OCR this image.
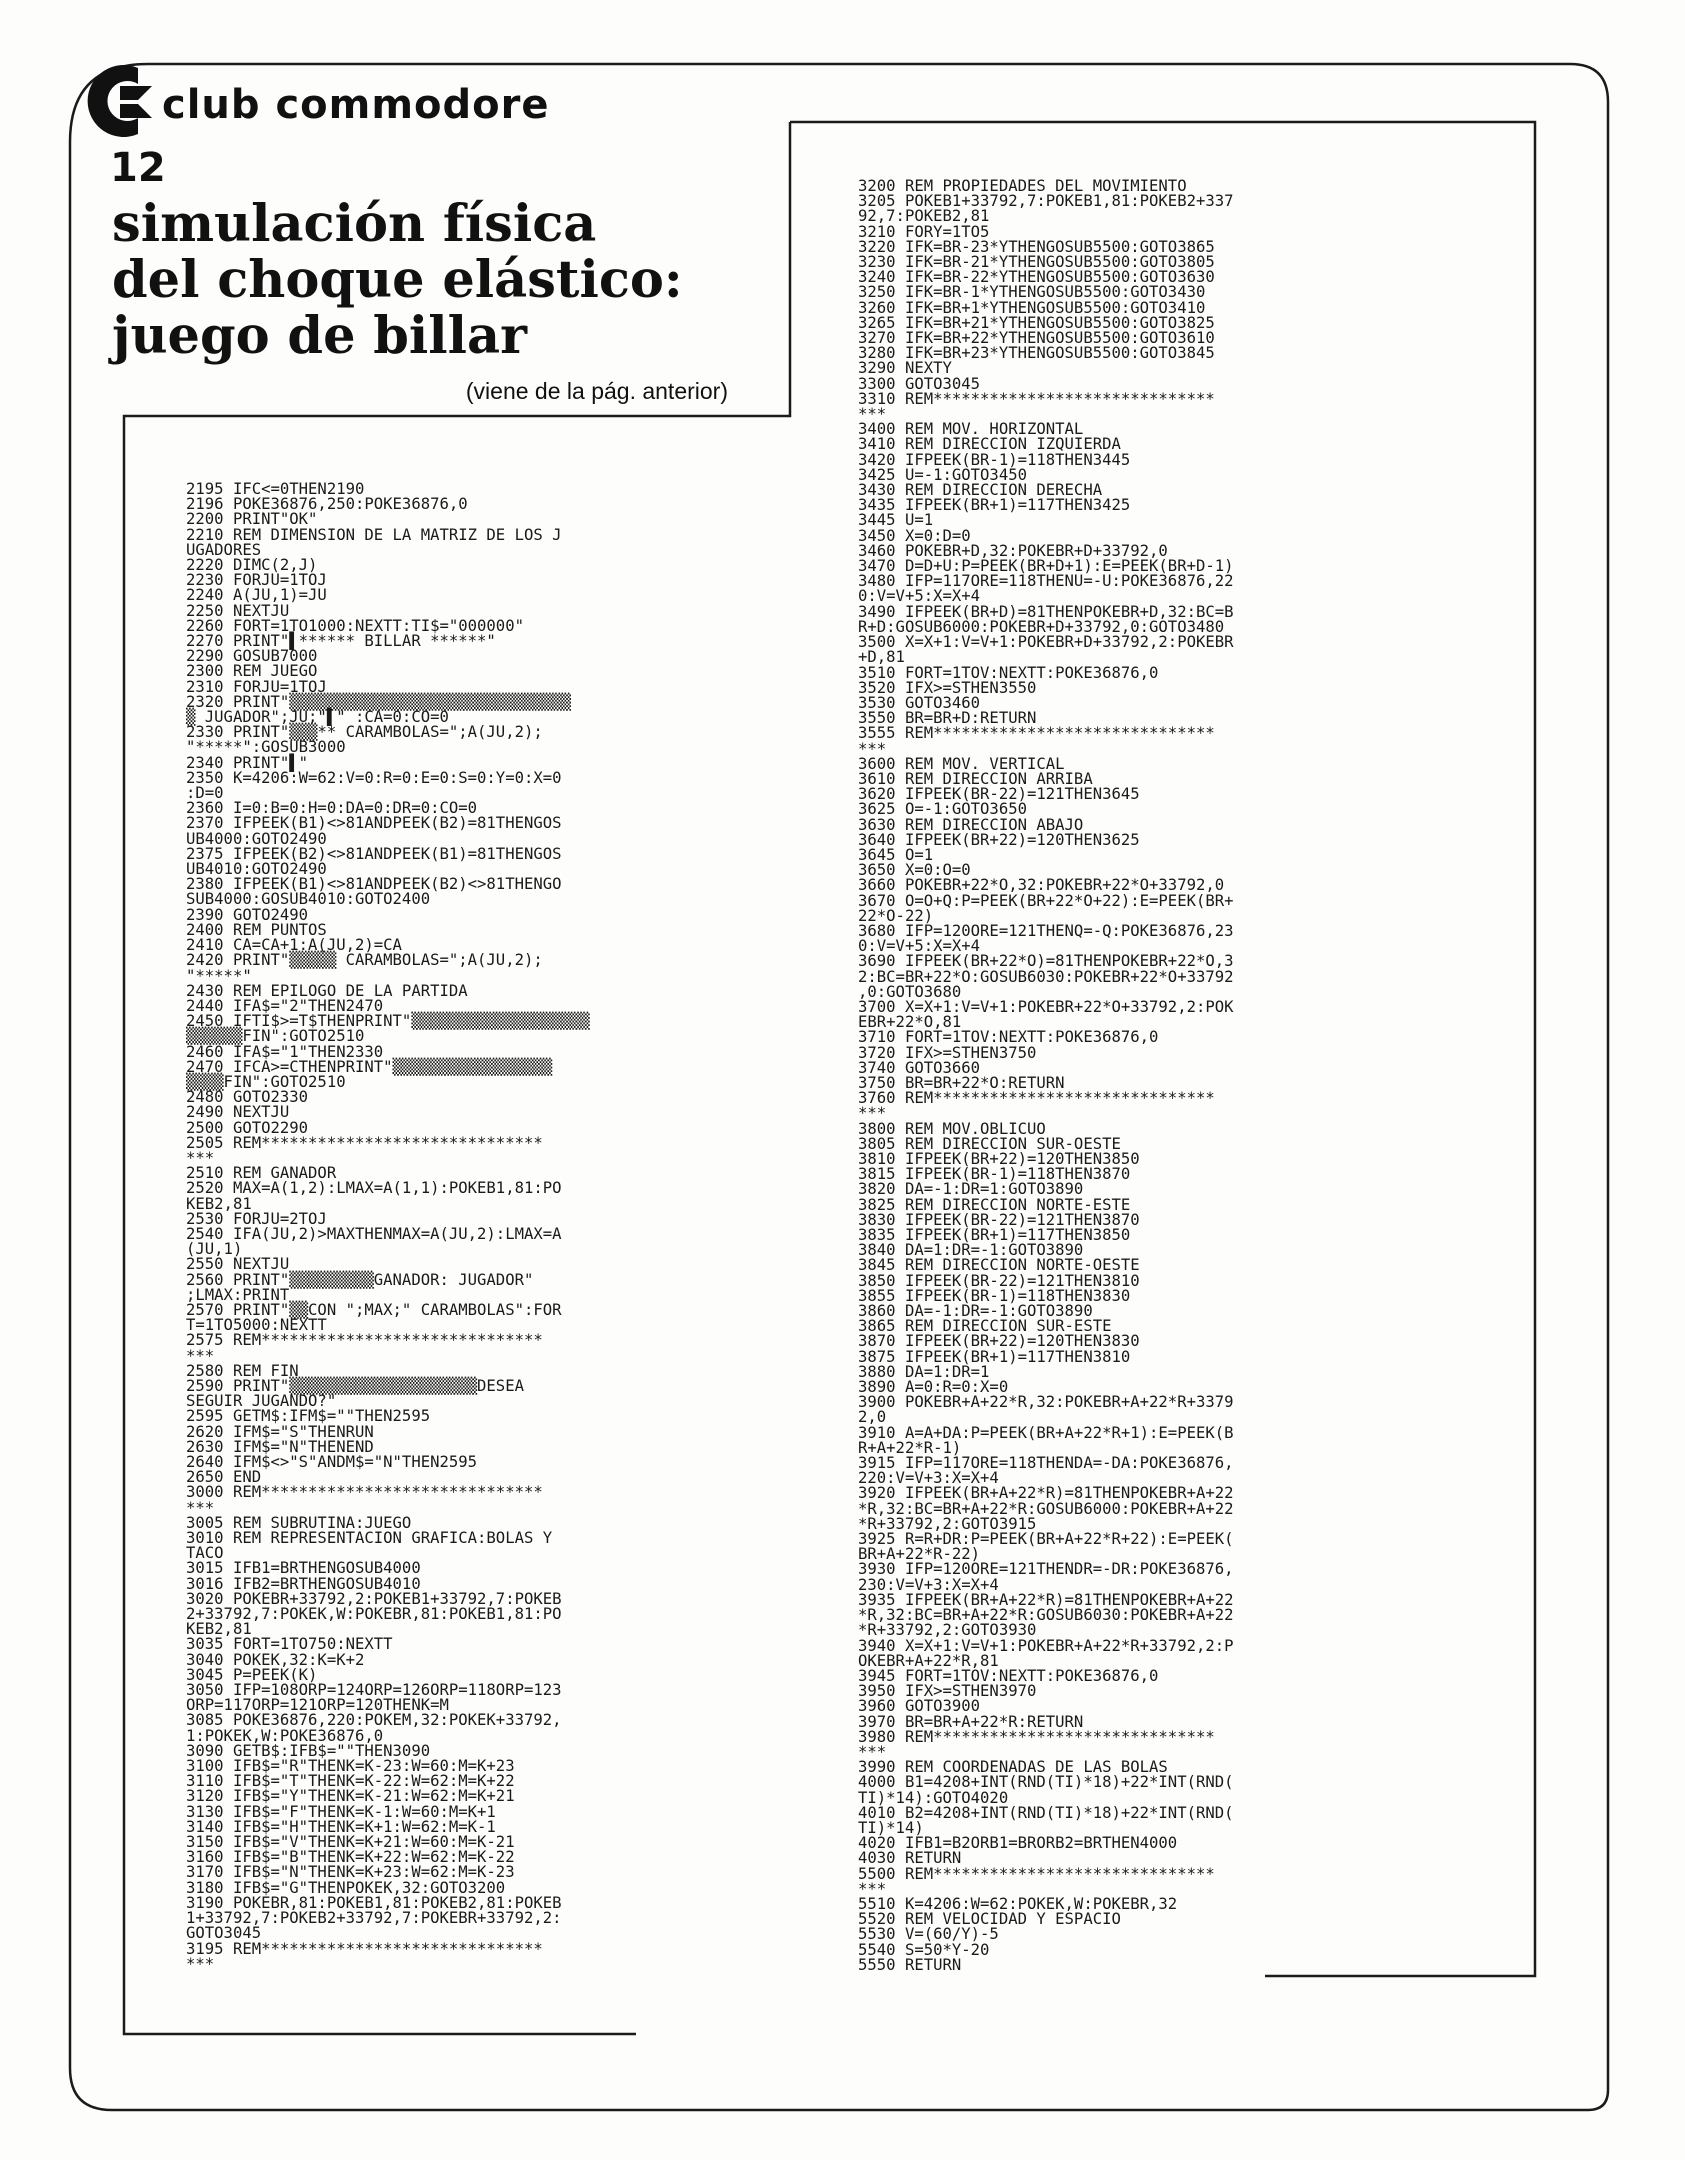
club commodore
12
simulación física
del choque elástico:
juego de billar
(viene de la pág. anterior)
2195 IFC<=0THEN2190
2196 POKE36876,250:POKE36876,0
2200 PRINT"OK"
2210 REM DIMENSION DE LA MATRIZ DE LOS J
UGADORES
2220 DIMC(2,J)
2230 FORJU=1TOJ
2240 A(JU,1)=JU
2250 NEXTJU
2260 FORT=1TO1000:NEXTT:TI$="000000"
2270 PRINT"▌****** BILLAR ******"
2290 GOSUB7000
2300 REM JUEGO
2310 FORJU=1TOJ
2320 PRINT"▒▒▒▒▒▒▒▒▒▒▒▒▒▒▒▒▒▒▒▒▒▒▒▒▒▒▒▒▒▒
▒ JUGADOR";JU;"▌" :CA=0:CO=0
2330 PRINT"▒▒▒** CARAMBOLAS=";A(JU,2);
"*****":GOSUB3000
2340 PRINT"▌"
2350 K=4206:W=62:V=0:R=0:E=0:S=0:Y=0:X=0
:D=0
2360 I=0:B=0:H=0:DA=0:DR=0:CO=0
2370 IFPEEK(B1)<>81ANDPEEK(B2)=81THENGOS
UB4000:GOTO2490
2375 IFPEEK(B2)<>81ANDPEEK(B1)=81THENGOS
UB4010:GOTO2490
2380 IFPEEK(B1)<>81ANDPEEK(B2)<>81THENGO
SUB4000:GOSUB4010:GOTO2400
2390 GOTO2490
2400 REM PUNTOS
2410 CA=CA+1:A(JU,2)=CA
2420 PRINT"▒▒▒▒▒ CARAMBOLAS=";A(JU,2);
"*****"
2430 REM EPILOGO DE LA PARTIDA
2440 IFA$="2"THEN2470
2450 IFTI$>=T$THENPRINT"▒▒▒▒▒▒▒▒▒▒▒▒▒▒▒▒▒▒▒
▒▒▒▒▒▒FIN":GOTO2510
2460 IFA$="1"THEN2330
2470 IFCA>=CTHENPRINT"▒▒▒▒▒▒▒▒▒▒▒▒▒▒▒▒▒
▒▒▒▒FIN":GOTO2510
2480 GOTO2330
2490 NEXTJU
2500 GOTO2290
2505 REM******************************
***
2510 REM GANADOR
2520 MAX=A(1,2):LMAX=A(1,1):POKEB1,81:PO
KEB2,81
2530 FORJU=2TOJ
2540 IFA(JU,2)>MAXTHENMAX=A(JU,2):LMAX=A
(JU,1)
2550 NEXTJU
2560 PRINT"▒▒▒▒▒▒▒▒▒GANADOR: JUGADOR"
;LMAX:PRINT
2570 PRINT"▒▒CON ";MAX;" CARAMBOLAS":FOR
T=1TO5000:NEXTT
2575 REM******************************
***
2580 REM FIN
2590 PRINT"▒▒▒▒▒▒▒▒▒▒▒▒▒▒▒▒▒▒▒▒DESEA
SEGUIR JUGANDO?"
2595 GETM$:IFM$=""THEN2595
2620 IFM$="S"THENRUN
2630 IFM$="N"THENEND
2640 IFM$<>"S"ANDM$="N"THEN2595
2650 END
3000 REM******************************
***
3005 REM SUBRUTINA:JUEGO
3010 REM REPRESENTACION GRAFICA:BOLAS Y
TACO
3015 IFB1=BRTHENGOSUB4000
3016 IFB2=BRTHENGOSUB4010
3020 POKEBR+33792,2:POKEB1+33792,7:POKEB
2+33792,7:POKEK,W:POKEBR,81:POKEB1,81:PO
KEB2,81
3035 FORT=1TO750:NEXTT
3040 POKEK,32:K=K+2
3045 P=PEEK(K)
3050 IFP=108ORP=124ORP=126ORP=118ORP=123
ORP=117ORP=121ORP=120THENK=M
3085 POKE36876,220:POKEM,32:POKEK+33792,
1:POKEK,W:POKE36876,0
3090 GETB$:IFB$=""THEN3090
3100 IFB$="R"THENK=K-23:W=60:M=K+23
3110 IFB$="T"THENK=K-22:W=62:M=K+22
3120 IFB$="Y"THENK=K-21:W=62:M=K+21
3130 IFB$="F"THENK=K-1:W=60:M=K+1
3140 IFB$="H"THENK=K+1:W=62:M=K-1
3150 IFB$="V"THENK=K+21:W=60:M=K-21
3160 IFB$="B"THENK=K+22:W=62:M=K-22
3170 IFB$="N"THENK=K+23:W=62:M=K-23
3180 IFB$="G"THENPOKEK,32:GOTO3200
3190 POKEBR,81:POKEB1,81:POKEB2,81:POKEB
1+33792,7:POKEB2+33792,7:POKEBR+33792,2:
GOTO3045
3195 REM******************************
***
3200 REM PROPIEDADES DEL MOVIMIENTO
3205 POKEB1+33792,7:POKEB1,81:POKEB2+337
92,7:POKEB2,81
3210 FORY=1TO5
3220 IFK=BR-23*YTHENGOSUB5500:GOTO3865
3230 IFK=BR-21*YTHENGOSUB5500:GOTO3805
3240 IFK=BR-22*YTHENGOSUB5500:GOTO3630
3250 IFK=BR-1*YTHENGOSUB5500:GOTO3430
3260 IFK=BR+1*YTHENGOSUB5500:GOTO3410
3265 IFK=BR+21*YTHENGOSUB5500:GOTO3825
3270 IFK=BR+22*YTHENGOSUB5500:GOTO3610
3280 IFK=BR+23*YTHENGOSUB5500:GOTO3845
3290 NEXTY
3300 GOTO3045
3310 REM******************************
***
3400 REM MOV. HORIZONTAL
3410 REM DIRECCION IZQUIERDA
3420 IFPEEK(BR-1)=118THEN3445
3425 U=-1:GOTO3450
3430 REM DIRECCION DERECHA
3435 IFPEEK(BR+1)=117THEN3425
3445 U=1
3450 X=0:D=0
3460 POKEBR+D,32:POKEBR+D+33792,0
3470 D=D+U:P=PEEK(BR+D+1):E=PEEK(BR+D-1)
3480 IFP=117ORE=118THENU=-U:POKE36876,22
0:V=V+5:X=X+4
3490 IFPEEK(BR+D)=81THENPOKEBR+D,32:BC=B
R+D:GOSUB6000:POKEBR+D+33792,0:GOTO3480
3500 X=X+1:V=V+1:POKEBR+D+33792,2:POKEBR
+D,81
3510 FORT=1TOV:NEXTT:POKE36876,0
3520 IFX>=STHEN3550
3530 GOTO3460
3550 BR=BR+D:RETURN
3555 REM******************************
***
3600 REM MOV. VERTICAL
3610 REM DIRECCION ARRIBA
3620 IFPEEK(BR-22)=121THEN3645
3625 O=-1:GOTO3650
3630 REM DIRECCION ABAJO
3640 IFPEEK(BR+22)=120THEN3625
3645 O=1
3650 X=0:O=0
3660 POKEBR+22*O,32:POKEBR+22*O+33792,0
3670 O=O+Q:P=PEEK(BR+22*O+22):E=PEEK(BR+
22*O-22)
3680 IFP=120ORE=121THENQ=-Q:POKE36876,23
0:V=V+5:X=X+4
3690 IFPEEK(BR+22*O)=81THENPOKEBR+22*O,3
2:BC=BR+22*O:GOSUB6030:POKEBR+22*O+33792
,0:GOTO3680
3700 X=X+1:V=V+1:POKEBR+22*O+33792,2:POK
EBR+22*O,81
3710 FORT=1TOV:NEXTT:POKE36876,0
3720 IFX>=STHEN3750
3740 GOTO3660
3750 BR=BR+22*O:RETURN
3760 REM******************************
***
3800 REM MOV.OBLICUO
3805 REM DIRECCION SUR-OESTE
3810 IFPEEK(BR+22)=120THEN3850
3815 IFPEEK(BR-1)=118THEN3870
3820 DA=-1:DR=1:GOTO3890
3825 REM DIRECCION NORTE-ESTE
3830 IFPEEK(BR-22)=121THEN3870
3835 IFPEEK(BR+1)=117THEN3850
3840 DA=1:DR=-1:GOTO3890
3845 REM DIRECCION NORTE-OESTE
3850 IFPEEK(BR-22)=121THEN3810
3855 IFPEEK(BR-1)=118THEN3830
3860 DA=-1:DR=-1:GOTO3890
3865 REM DIRECCION SUR-ESTE
3870 IFPEEK(BR+22)=120THEN3830
3875 IFPEEK(BR+1)=117THEN3810
3880 DA=1:DR=1
3890 A=0:R=0:X=0
3900 POKEBR+A+22*R,32:POKEBR+A+22*R+3379
2,0
3910 A=A+DA:P=PEEK(BR+A+22*R+1):E=PEEK(B
R+A+22*R-1)
3915 IFP=117ORE=118THENDA=-DA:POKE36876,
220:V=V+3:X=X+4
3920 IFPEEK(BR+A+22*R)=81THENPOKEBR+A+22
*R,32:BC=BR+A+22*R:GOSUB6000:POKEBR+A+22
*R+33792,2:GOTO3915
3925 R=R+DR:P=PEEK(BR+A+22*R+22):E=PEEK(
BR+A+22*R-22)
3930 IFP=120ORE=121THENDR=-DR:POKE36876,
230:V=V+3:X=X+4
3935 IFPEEK(BR+A+22*R)=81THENPOKEBR+A+22
*R,32:BC=BR+A+22*R:GOSUB6030:POKEBR+A+22
*R+33792,2:GOTO3930
3940 X=X+1:V=V+1:POKEBR+A+22*R+33792,2:P
OKEBR+A+22*R,81
3945 FORT=1TOV:NEXTT:POKE36876,0
3950 IFX>=STHEN3970
3960 GOTO3900
3970 BR=BR+A+22*R:RETURN
3980 REM******************************
***
3990 REM COORDENADAS DE LAS BOLAS
4000 B1=4208+INT(RND(TI)*18)+22*INT(RND(
TI)*14):GOTO4020
4010 B2=4208+INT(RND(TI)*18)+22*INT(RND(
TI)*14)
4020 IFB1=B2ORB1=BRORB2=BRTHEN4000
4030 RETURN
5500 REM******************************
***
5510 K=4206:W=62:POKEK,W:POKEBR,32
5520 REM VELOCIDAD Y ESPACIO
5530 V=(60/Y)-5
5540 S=50*Y-20
5550 RETURN
